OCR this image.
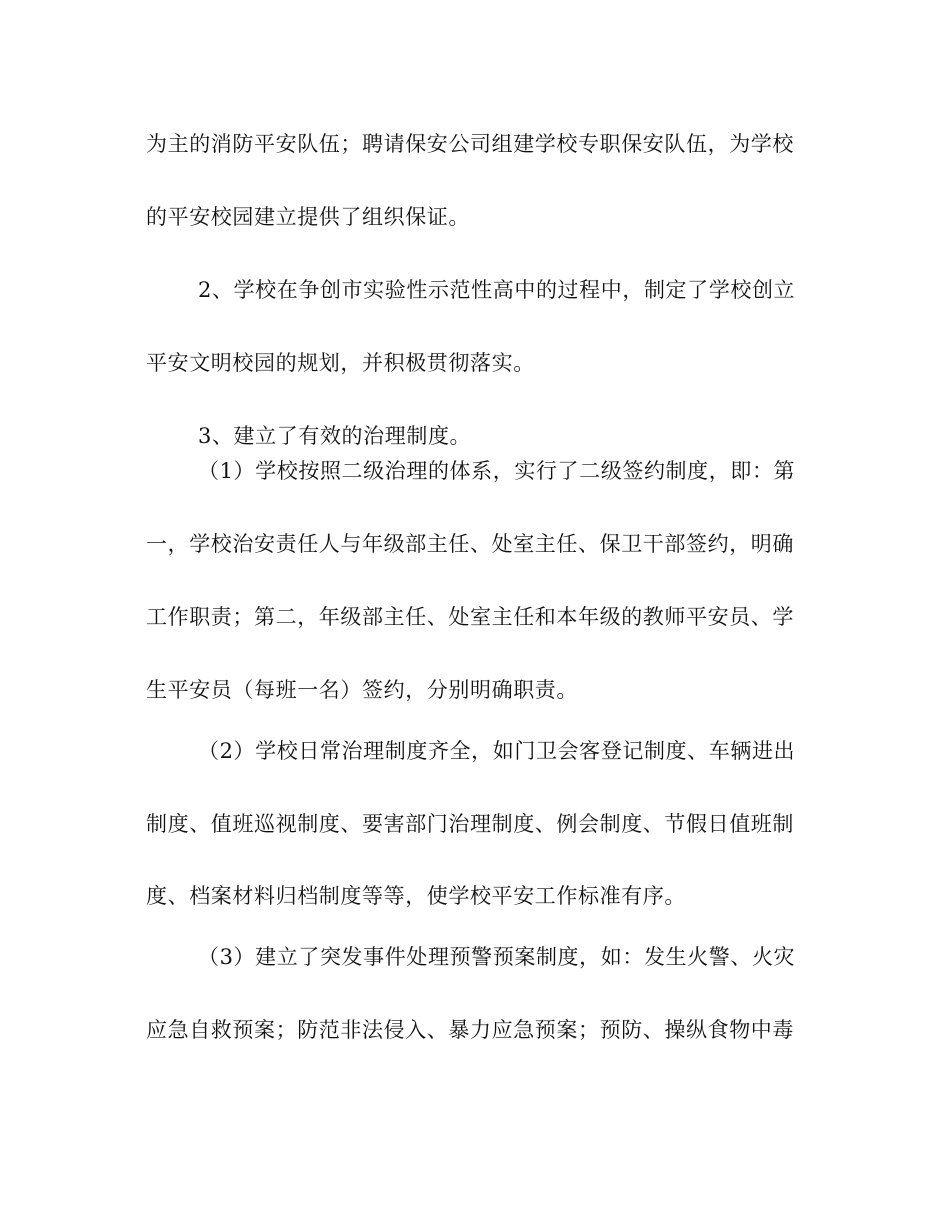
为主的消防平安队伍；聘请保安公司组建学校专职保安队伍，为学校
的平安校园建立提供了组织保证。
2、学校在争创市实验性示范性高中的过程中，制定了学校创立
平安文明校园的规划，并积极贯彻落实。
3、建立了有效的治理制度。
（1）学校按照二级治理的体系，实行了二级签约制度，即：第
一，学校治安责任人与年级部主任、处室主任、保卫干部签约，明确
工作职责；第二，年级部主任、处室主任和本年级的教师平安员、学
生平安员（每班一名）签约，分别明确职责。
（2）学校日常治理制度齐全，如门卫会客登记制度、车辆进出
制度、值班巡视制度、要害部门治理制度、例会制度、节假日值班制
度、档案材料归档制度等等，使学校平安工作标准有序。
（3）建立了突发事件处理预警预案制度，如：发生火警、火灾
应急自救预案；防范非法侵入、暴力应急预案；预防、操纵食物中毒
